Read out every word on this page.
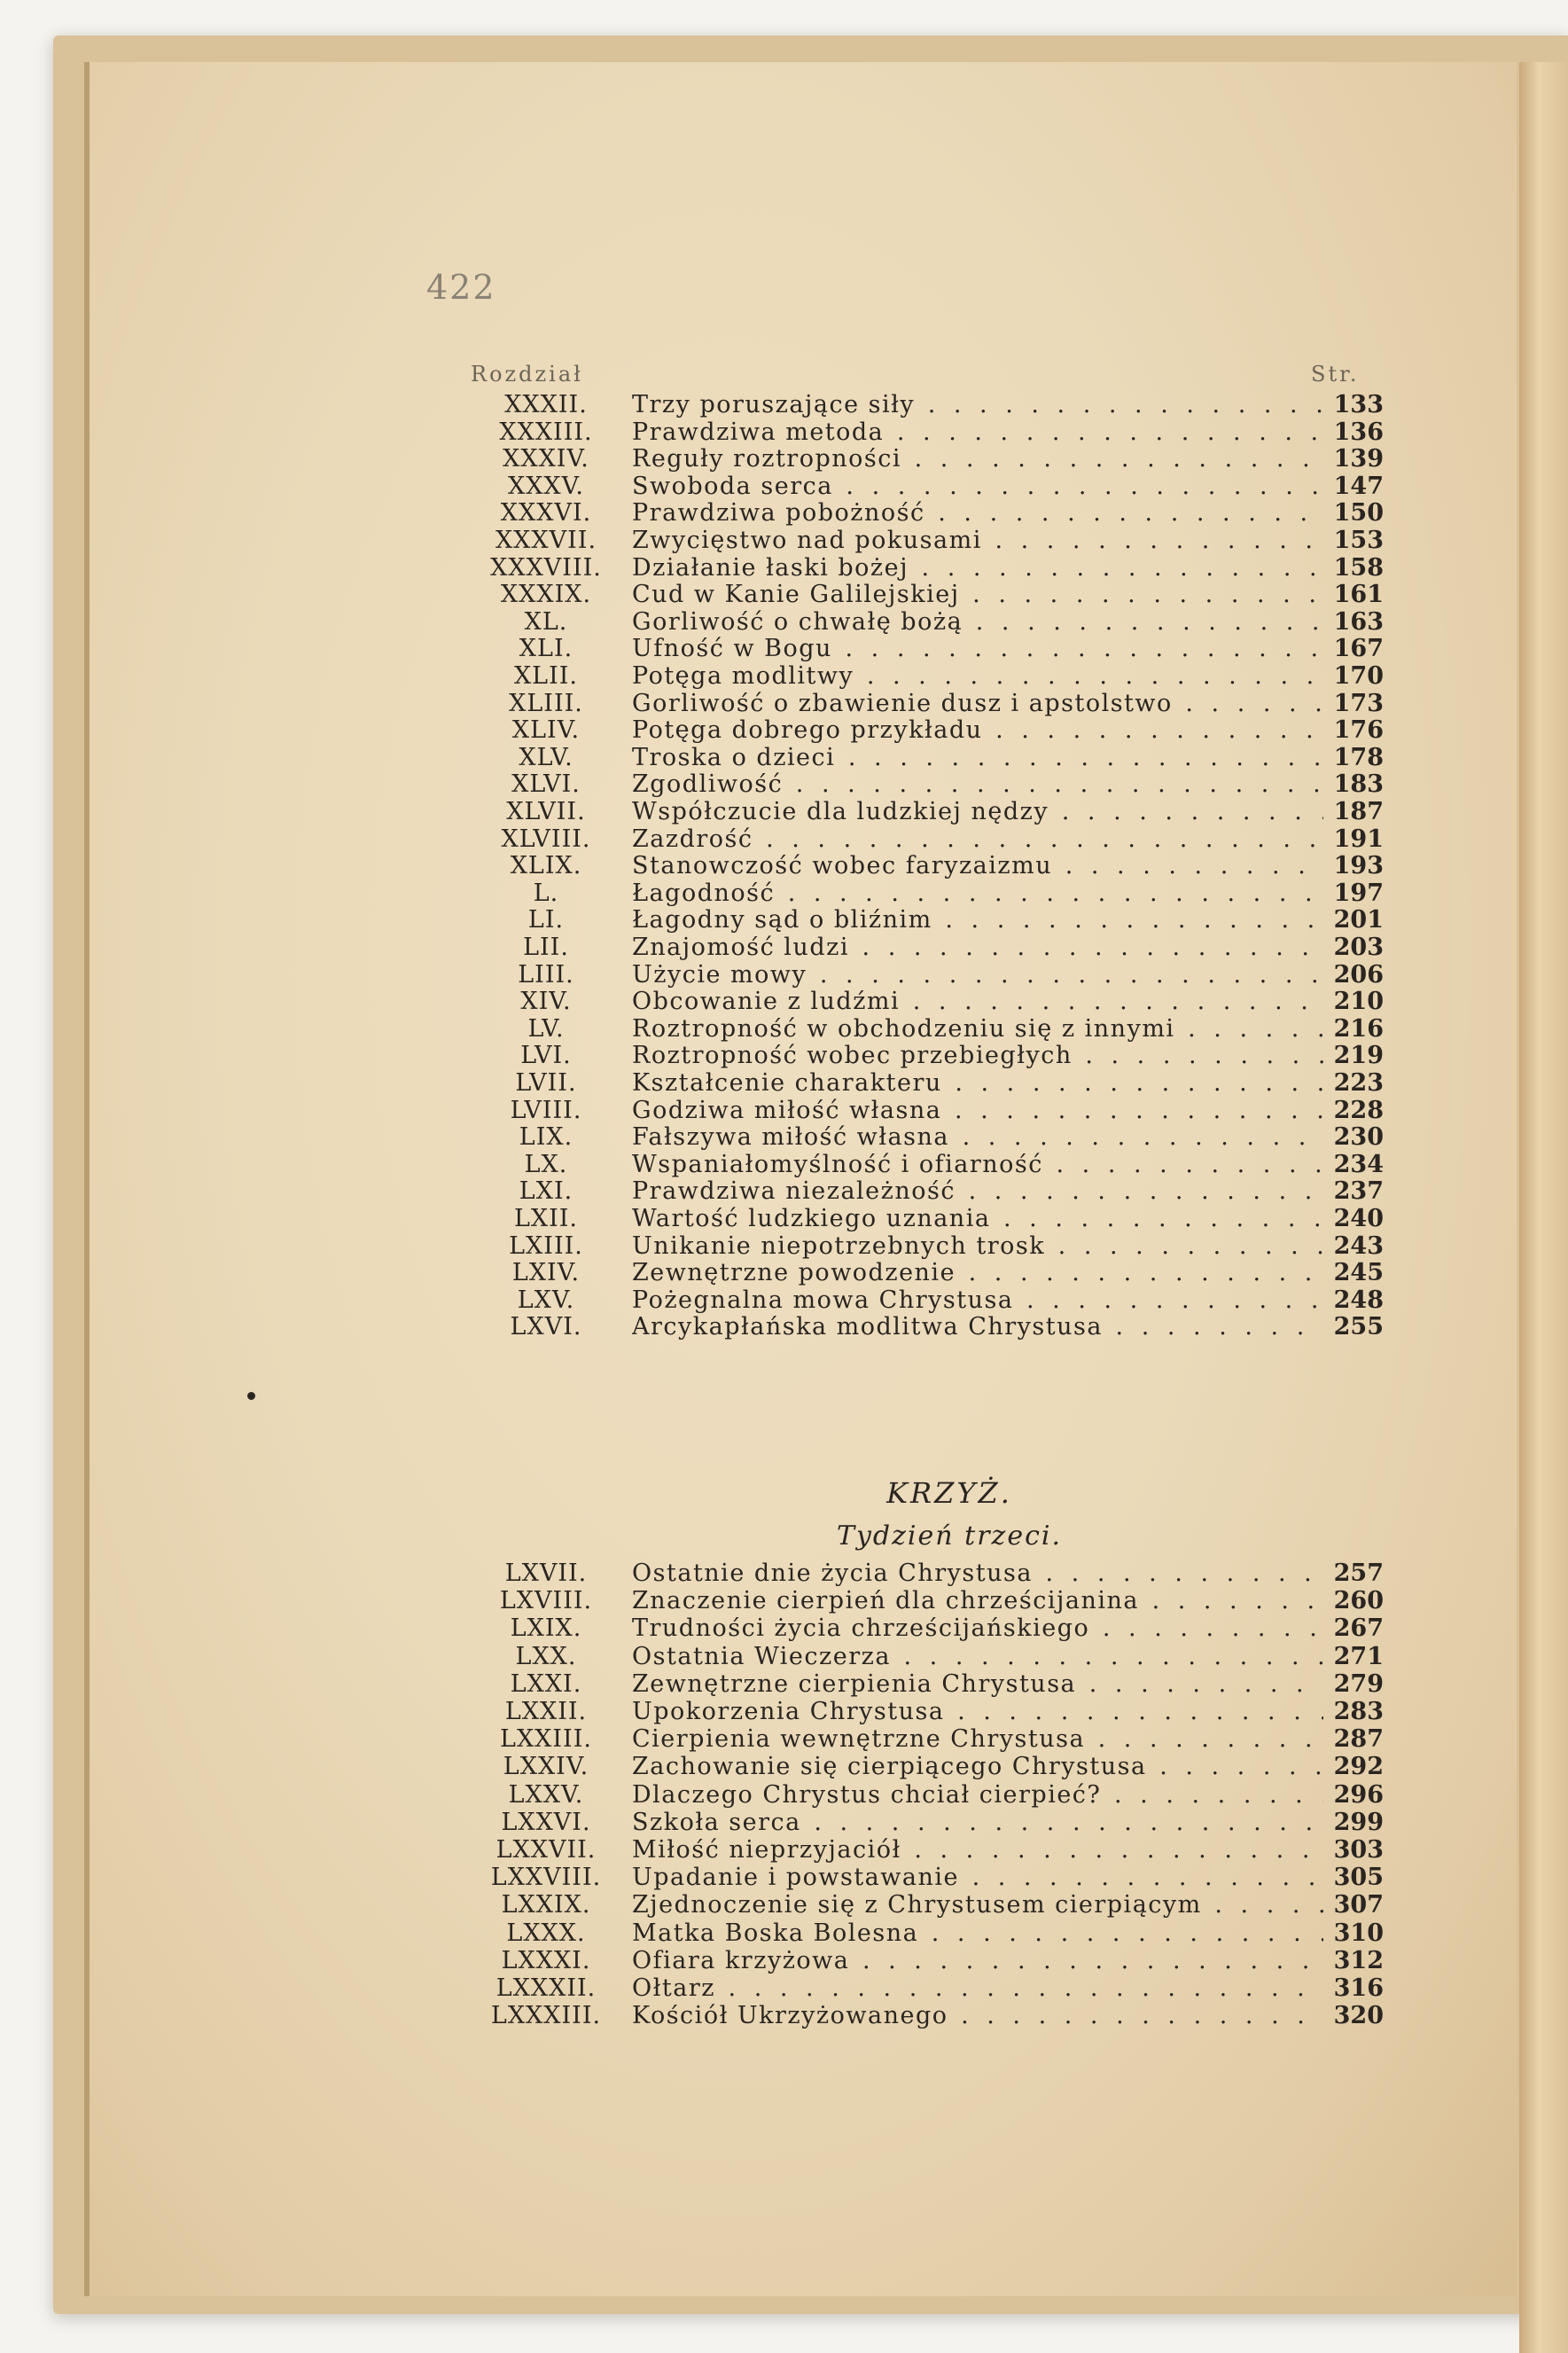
422
Rozdział	Str.
XXXII.	Trzy poruszające siły . . .	133
XXXIII.	Prawdziwa metoda . . .	136
XXXIV.	Reguły roztropności . . .	139
XXXV.	Swoboda serca . . .	147
XXXVI.	Prawdziwa pobożność . . .	150
XXXVII.	Zwycięstwo nad pokusami . . .	153
XXXVIII.	Działanie łaski bożej . . .	158
XXXIX.	Cud w Kanie Galilejskiej . . .	161
XL.	Gorliwość o chwałę bożą . . .	163
XLI.	Ufność w Bogu . . .	167
XLII.	Potęga modlitwy . . .	170
XLIII.	Gorliwość o zbawienie dusz i apstolstwo . . .	173
XLIV.	Potęga dobrego przykładu . . .	176
XLV.	Troska o dzieci . . .	178
XLVI.	Zgodliwość . . .	183
XLVII.	Współczucie dla ludzkiej nędzy . . .	187
XLVIII.	Zazdrość . . .	191
XLIX.	Stanowczość wobec faryzaizmu . . .	193
L.	Łagodność . . .	197
LI.	Łagodny sąd o bliźnim . . .	201
LII.	Znajomość ludzi . . .	203
LIII.	Użycie mowy . . .	206
XIV.	Obcowanie z ludźmi . . .	210
LV.	Roztropność w obchodzeniu się z innymi . . .	216
LVI.	Roztropność wobec przebiegłych . . .	219
LVII.	Kształcenie charakteru . . .	223
LVIII.	Godziwa miłość własna . . .	228
LIX.	Fałszywa miłość własna . . .	230
LX.	Wspaniałomyślność i ofiarność . . .	234
LXI.	Prawdziwa niezależność . . .	237
LXII.	Wartość ludzkiego uznania . . .	240
LXIII.	Unikanie niepotrzebnych trosk . . .	243
LXIV.	Zewnętrzne powodzenie . . .	245
LXV.	Pożegnalna mowa Chrystusa . . .	248
LXVI.	Arcykapłańska modlitwa Chrystusa . . .	255
KRZYŻ.
Tydzień trzeci.
LXVII.	Ostatnie dnie życia Chrystusa . . .	257
LXVIII.	Znaczenie cierpień dla chrześcijanina . . .	260
LXIX.	Trudności życia chrześcijańskiego . . .	267
LXX.	Ostatnia Wieczerza . . .	271
LXXI.	Zewnętrzne cierpienia Chrystusa . . .	279
LXXII.	Upokorzenia Chrystusa . . .	283
LXXIII.	Cierpienia wewnętrzne Chrystusa . . .	287
LXXIV.	Zachowanie się cierpiącego Chrystusa . . .	292
LXXV.	Dlaczego Chrystus chciał cierpieć? . . .	296
LXXVI.	Szkoła serca . . .	299
LXXVII.	Miłość nieprzyjaciół . . .	303
LXXVIII.	Upadanie i powstawanie . . .	305
LXXIX.	Zjednoczenie się z Chrystusem cierpiącym . . .	307
LXXX.	Matka Boska Bolesna . . .	310
LXXXI.	Ofiara krzyżowa . . .	312
LXXXII.	Ołtarz . . .	316
LXXXIII.	Kościół Ukrzyżowanego . . .	320
